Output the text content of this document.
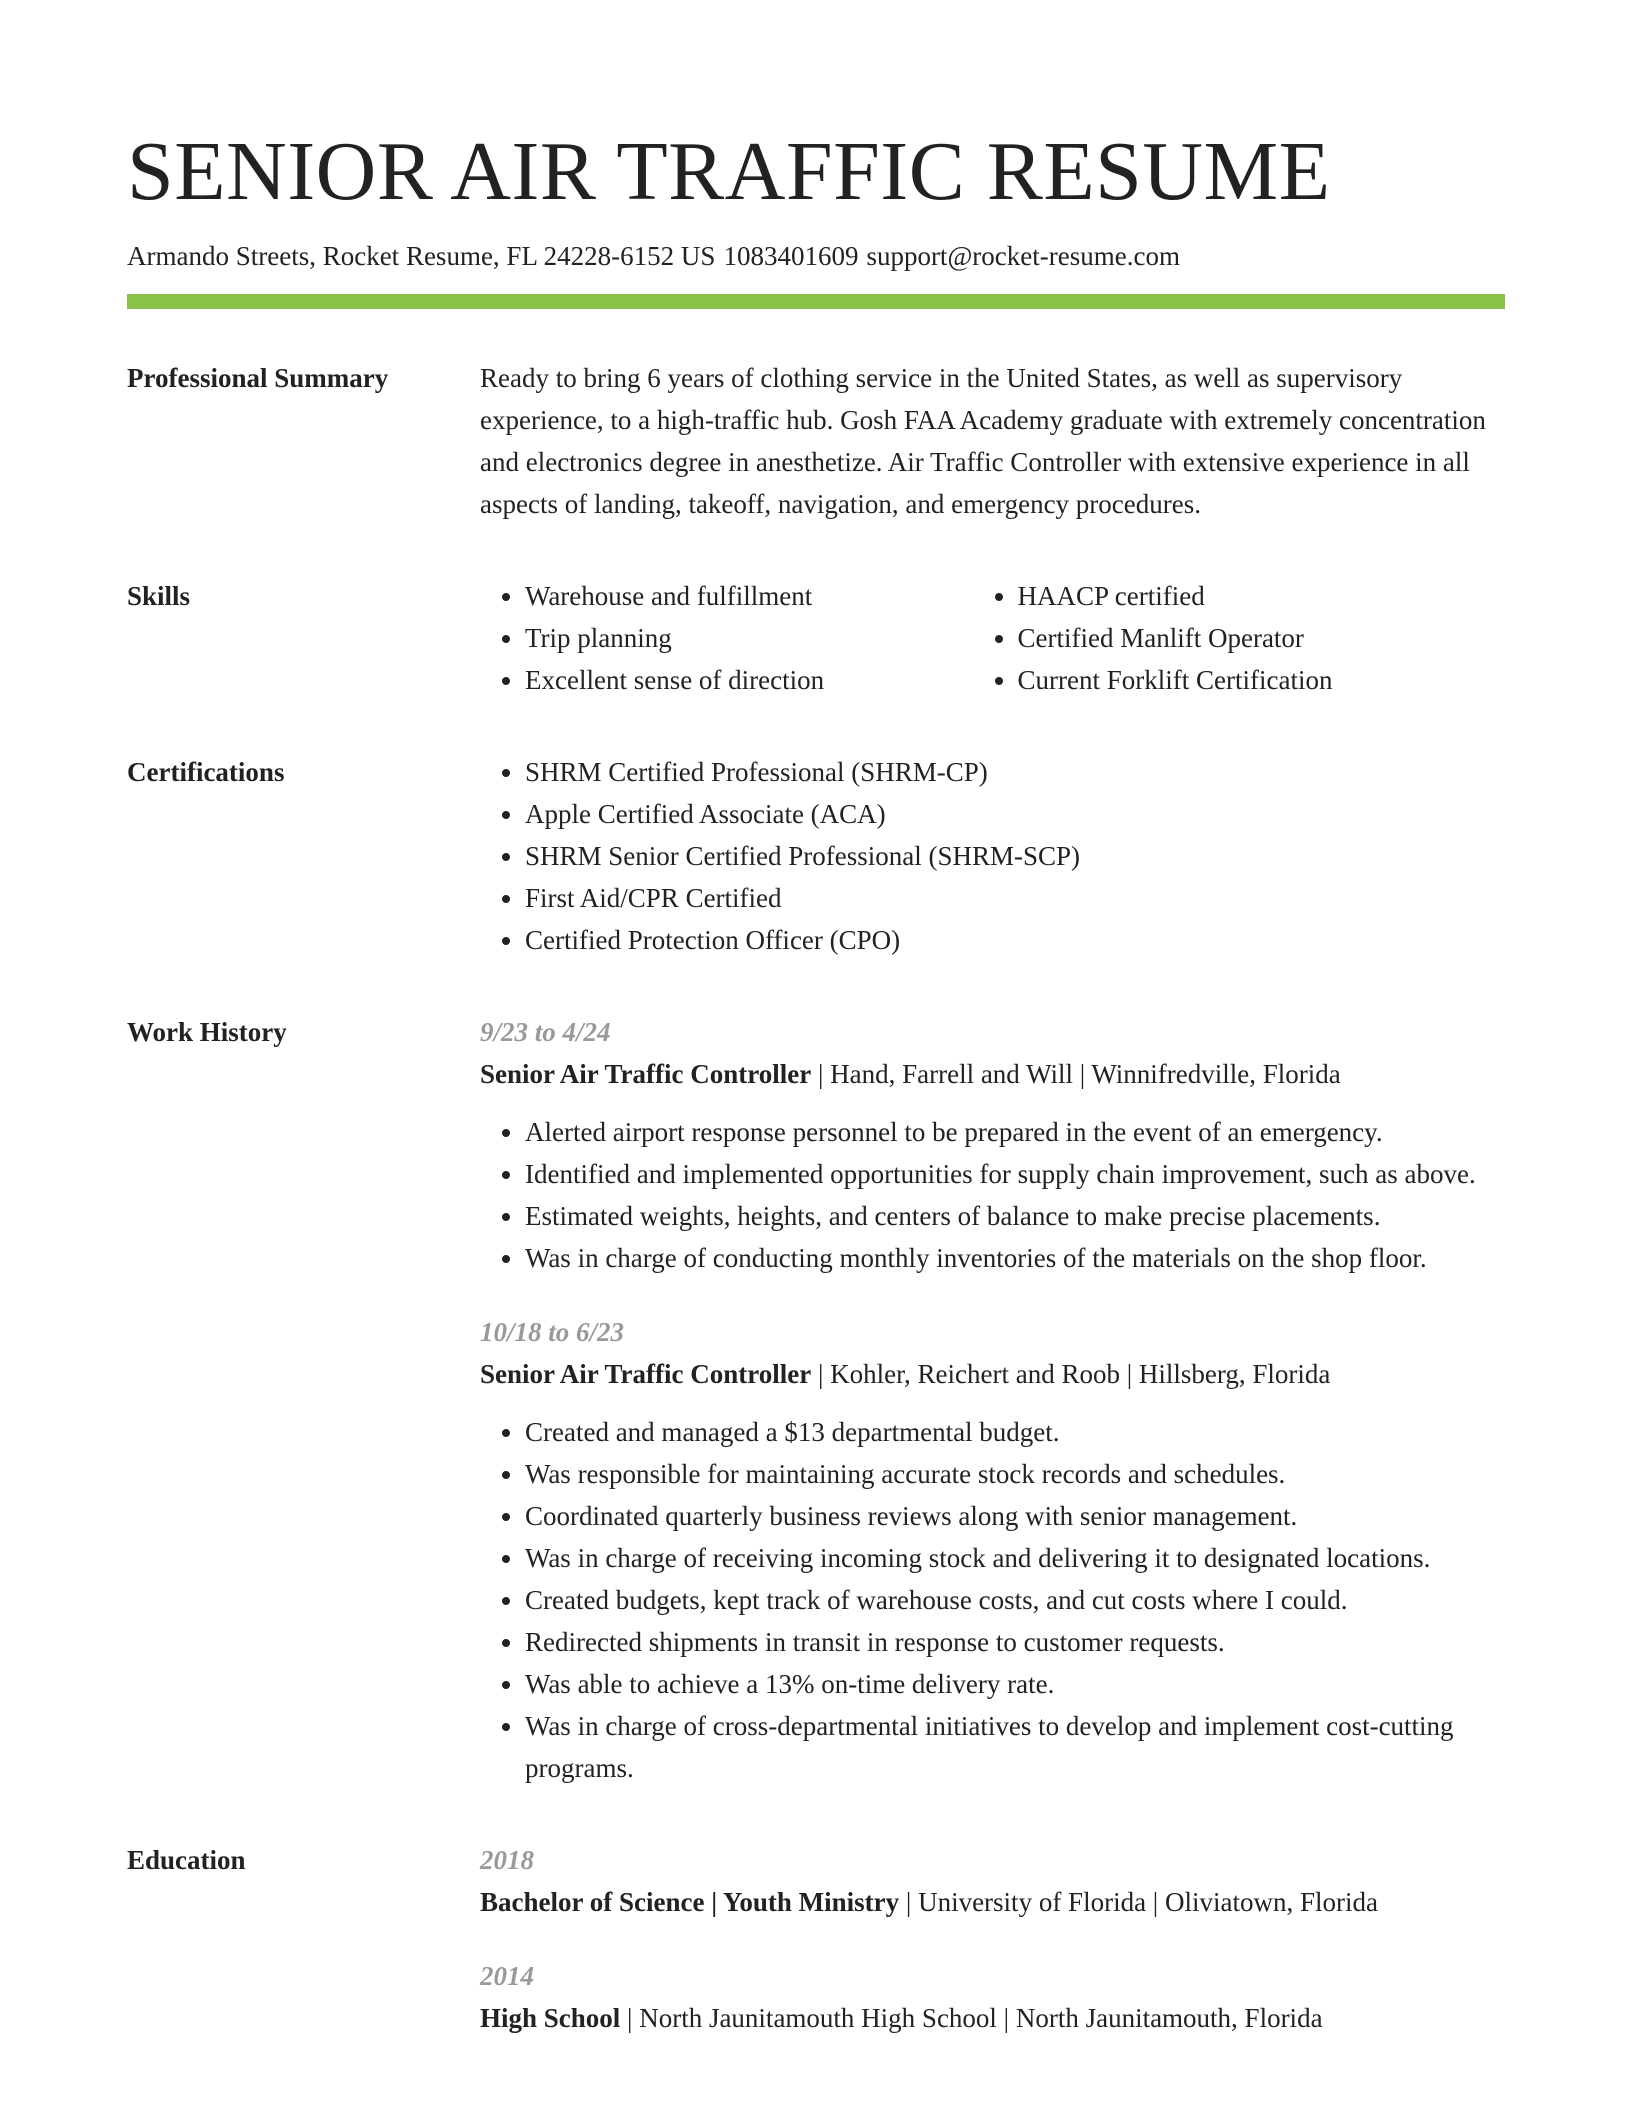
SENIOR AIR TRAFFIC RESUME
Armando Streets, Rocket Resume, FL 24228-6152 US 1083401609 support@rocket-resume.com
Professional Summary	Ready to bring 6 years of clothing service in the United States, as well as supervisory experience, to a high-traffic hub. Gosh FAA Academy graduate with extremely concentration and electronics degree in anesthetize. Air Traffic Controller with extensive experience in all aspects of landing, takeoff, navigation, and emergency procedures.
Skills	• Warehouse and fulfillment
• Trip planning
• Excellent sense of direction
• HAACP certified
• Certified Manlift Operator
• Current Forklift Certification
Certifications	• SHRM Certified Professional (SHRM-CP)
• Apple Certified Associate (ACA)
• SHRM Senior Certified Professional (SHRM-SCP)
• First Aid/CPR Certified
• Certified Protection Officer (CPO)
Work History	9/23 to 4/24
Senior Air Traffic Controller | Hand, Farrell and Will | Winnifredville, Florida
• Alerted airport response personnel to be prepared in the event of an emergency.
• Identified and implemented opportunities for supply chain improvement, such as above.
• Estimated weights, heights, and centers of balance to make precise placements.
• Was in charge of conducting monthly inventories of the materials on the shop floor.
10/18 to 6/23
Senior Air Traffic Controller | Kohler, Reichert and Roob | Hillsberg, Florida
• Created and managed a $13 departmental budget.
• Was responsible for maintaining accurate stock records and schedules.
• Coordinated quarterly business reviews along with senior management.
• Was in charge of receiving incoming stock and delivering it to designated locations.
• Created budgets, kept track of warehouse costs, and cut costs where I could.
• Redirected shipments in transit in response to customer requests.
• Was able to achieve a 13% on-time delivery rate.
• Was in charge of cross-departmental initiatives to develop and implement cost-cutting programs.
Education	2018
Bachelor of Science | Youth Ministry | University of Florida | Oliviatown, Florida
2014
High School | North Jaunitamouth High School | North Jaunitamouth, Florida
